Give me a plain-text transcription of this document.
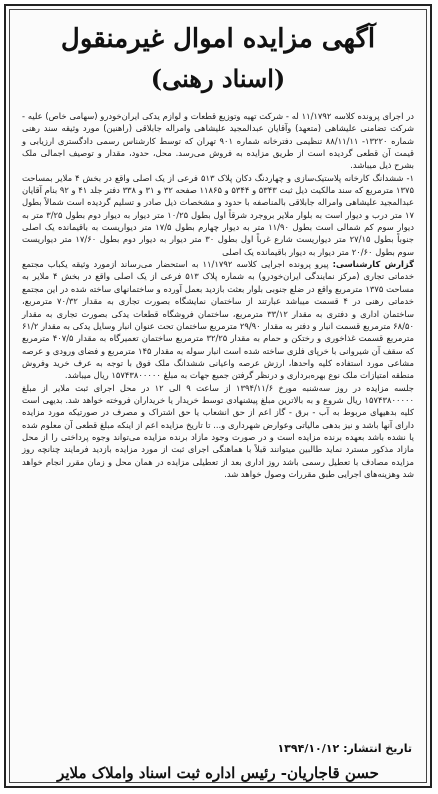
آگهی مزایده اموال غیرمنقول
(اسناد رهنی)

در اجرای پرونده کلاسه ۱۱/۱۷۹۲ له - شرکت تهیه وتوزیع قطعات و لوازم یدکی ایران‌خودرو (سهامی خاص) علیه - شرکت تضامنی علیشاهی (متعهد) وآقایان عبدالمجید علیشاهی وامراله جابلاقی (راهنین) مورد وثیقه سند رهنی شماره ۱۳۲۲۰- ۸۸/۱۱/۱۱ تنظیمی دفترخانه شماره ۹۰۱ تهران که توسط کارشناس رسمی دادگستری ارزیابی و قیمت آن قطعی گردیده است از طریق مزایده به فروش می‌رسد. محل، حدود، مقدار و توصیف اجمالی ملک بشرح ذیل میباشد.

۱- ششدانگ کارخانه پلاستیک‌سازی و چهاردنگ دکان پلاک ۵۱۳ فرعی از یک اصلی واقع در بخش ۴ ملایر بمساحت ۱۳۷۵ مترمربع که سند مالکیت ذیل ثبت ۵۳۴۳ و ۵۳۴۴ و ۱۱۸۶۵ صفحه ۳۲ و ۳۱ و ۳۳۸ دفتر جلد ۴۱ و ۹۲ بنام آقایان عبدالمجید علیشاهی وامراله جابلاقی بالمناصفه با حدود و مشخصات ذیل صادر و تسلیم گردیده است شمالاً بطول ۱۷ متر درب و دیوار است به بلوار ملایر بروجرد شرقاً اول بطول ۱۰/۲۵ متر دیوار به دیوار دوم بطول ۳/۲۵ متر به دیوار سوم کم شمالی است بطول ۱۱/۹۰ متر به دیوار چهارم بطول ۱۷/۵ متر دیواریست به باقیمانده یک اصلی جنوباً بطول ۲۷/۱۵ متر دیواریست شارع غرباً اول بطول ۳۰ متر دیوار به دیوار دوم بطول ۱۷/۶۰ متر دیواریست سوم بطول ۲۰/۶۰ متر دیوار به دیوار باقیمانده یک اصلی

گزارش کارشناسی: پیرو پرونده اجرایی کلاسه ۱۱/۱۷۹۲ به استحضار می‌رساند ازمورد وثیقه یکباب مجتمع خدماتی تجاری (مرکز نمایندگی ایران‌خودرو) به شماره پلاک ۵۱۳ فرعی از یک اصلی واقع در بخش ۴ ملایر به مساحت ۱۳۷۵ مترمربع واقع در ضلع جنوبی بلوار بعثت بازدید بعمل آورده و ساختمانهای ساخته شده در این مجتمع خدماتی رهنی در ۴ قسمت میباشد عبارتند از ساختمان نمایشگاه بصورت تجاری به مقدار ۷۰/۳۲ مترمربع، ساختمان اداری و دفتری به مقدار ۳۳/۱۲ مترمربع، ساختمان فروشگاه قطعات یدکی بصورت تجاری به مقدار ۶۸/۵۰ مترمربع قسمت انبار و دفتر به مقدار ۲۹/۹۰ مترمربع ساختمان تحت عنوان انبار وسایل یدکی به مقدار ۶۱/۲ مترمربع قسمت غذاخوری و رختکن و حمام به مقدار ۳۲/۲۵ مترمربع ساختمان تعمیرگاه به مقدار ۴۰۷/۵ مترمربع که سقف آن شیروانی با خرپای فلزی ساخته شده است انبار سوله به مقدار ۱۴۵ مترمربع و فضای ورودی و عرصه مشاعی مورد استفاده کلیه واحدها، ارزش عرصه واعیانی ششدانگ ملک فوق با توجه به عرف خرید وفروش منطقه امتیازات ملک نوع بهره‌برداری و درنظر گرفتن جمیع جهات به مبلغ ۱۵۷۴۳۸۰۰۰۰۰ ریال میباشد.

جلسه مزایده در روز سه‌شنبه مورخ ۱۳۹۴/۱۱/۶ از ساعت ۹ الی ۱۲ در محل اجرای ثبت ملایر از مبلغ ۱۵۷۴۳۸۰۰۰۰۰ ریال شروع و به بالاترین مبلغ پیشنهادی توسط خریدار یا خریداران فروخته خواهد شد. بدیهی است کلیه بدهیهای مربوط به آب - برق - گاز اعم از حق انشعاب یا حق اشتراک و مصرف در صورتیکه مورد مزایده دارای آنها باشد و نیز بدهی مالیاتی وعوارض شهرداری و... تا تاریخ مزایده اعم از اینکه مبلغ قطعی آن معلوم شده یا نشده باشد بعهده برنده مزایده است و در صورت وجود مازاد برنده مزایده می‌تواند وجوه پرداختی را از محل مازاد مذکور مسترد نماید طالبین میتوانند قبلاً با هماهنگی اجرای ثبت از مورد مزایده بازدید فرمایند چنانچه روز مزایده مصادف با تعطیل رسمی باشد روز اداری بعد از تعطیلی مزایده در همان محل و زمان مقرر انجام خواهد شد وهزینه‌های اجرایی طبق مقررات وصول خواهد شد.

تاریخ انتشار: ۱۳۹۴/۱۰/۱۲
حسن قاجاریان- رئیس اداره ثبت اسناد واملاک ملایر
